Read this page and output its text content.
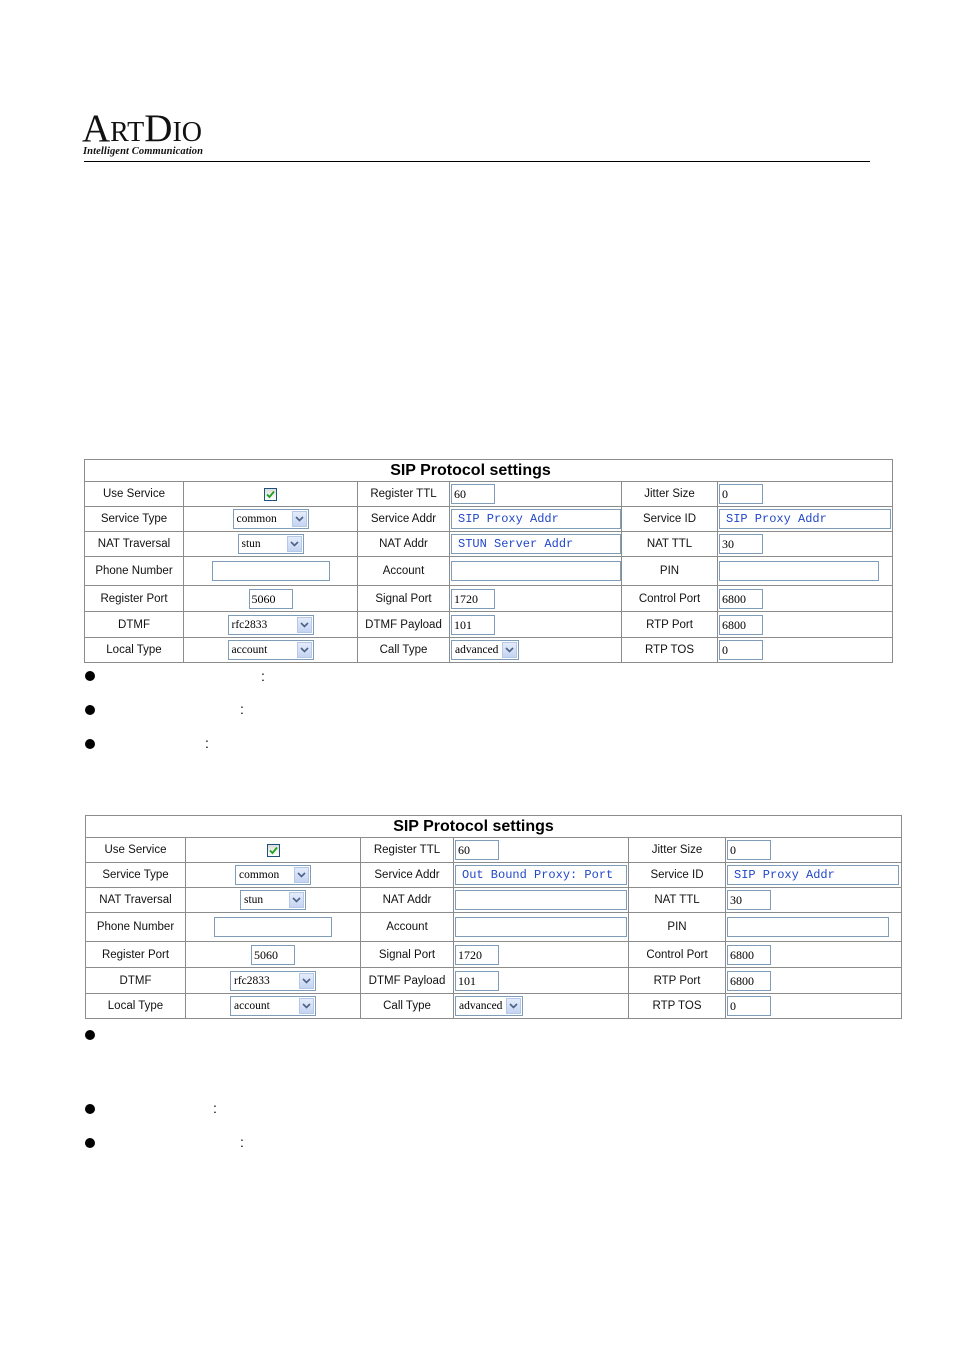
ARTDIO
Intelligent Communication
SIP Protocol settings					
Use Service		Register TTL	60	Jitter Size	0
Service Type	common	Service Addr	SIP Proxy Addr	Service ID	SIP Proxy Addr
NAT Traversal	stun	NAT Addr	STUN Server Addr	NAT TTL	30
Phone Number		Account		PIN	
Register Port	5060	Signal Port	1720	Control Port	6800
DTMF	rfc2833	DTMF Payload	101	RTP Port	6800
Local Type	account	Call Type	advanced	RTP TOS	0
:
:
:
SIP Protocol settings					
Use Service		Register TTL	60	Jitter Size	0
Service Type	common	Service Addr	Out Bound Proxy: Port	Service ID	SIP Proxy Addr
NAT Traversal	stun	NAT Addr		NAT TTL	30
Phone Number		Account		PIN	
Register Port	5060	Signal Port	1720	Control Port	6800
DTMF	rfc2833	DTMF Payload	101	RTP Port	6800
Local Type	account	Call Type	advanced	RTP TOS	0
:
:
